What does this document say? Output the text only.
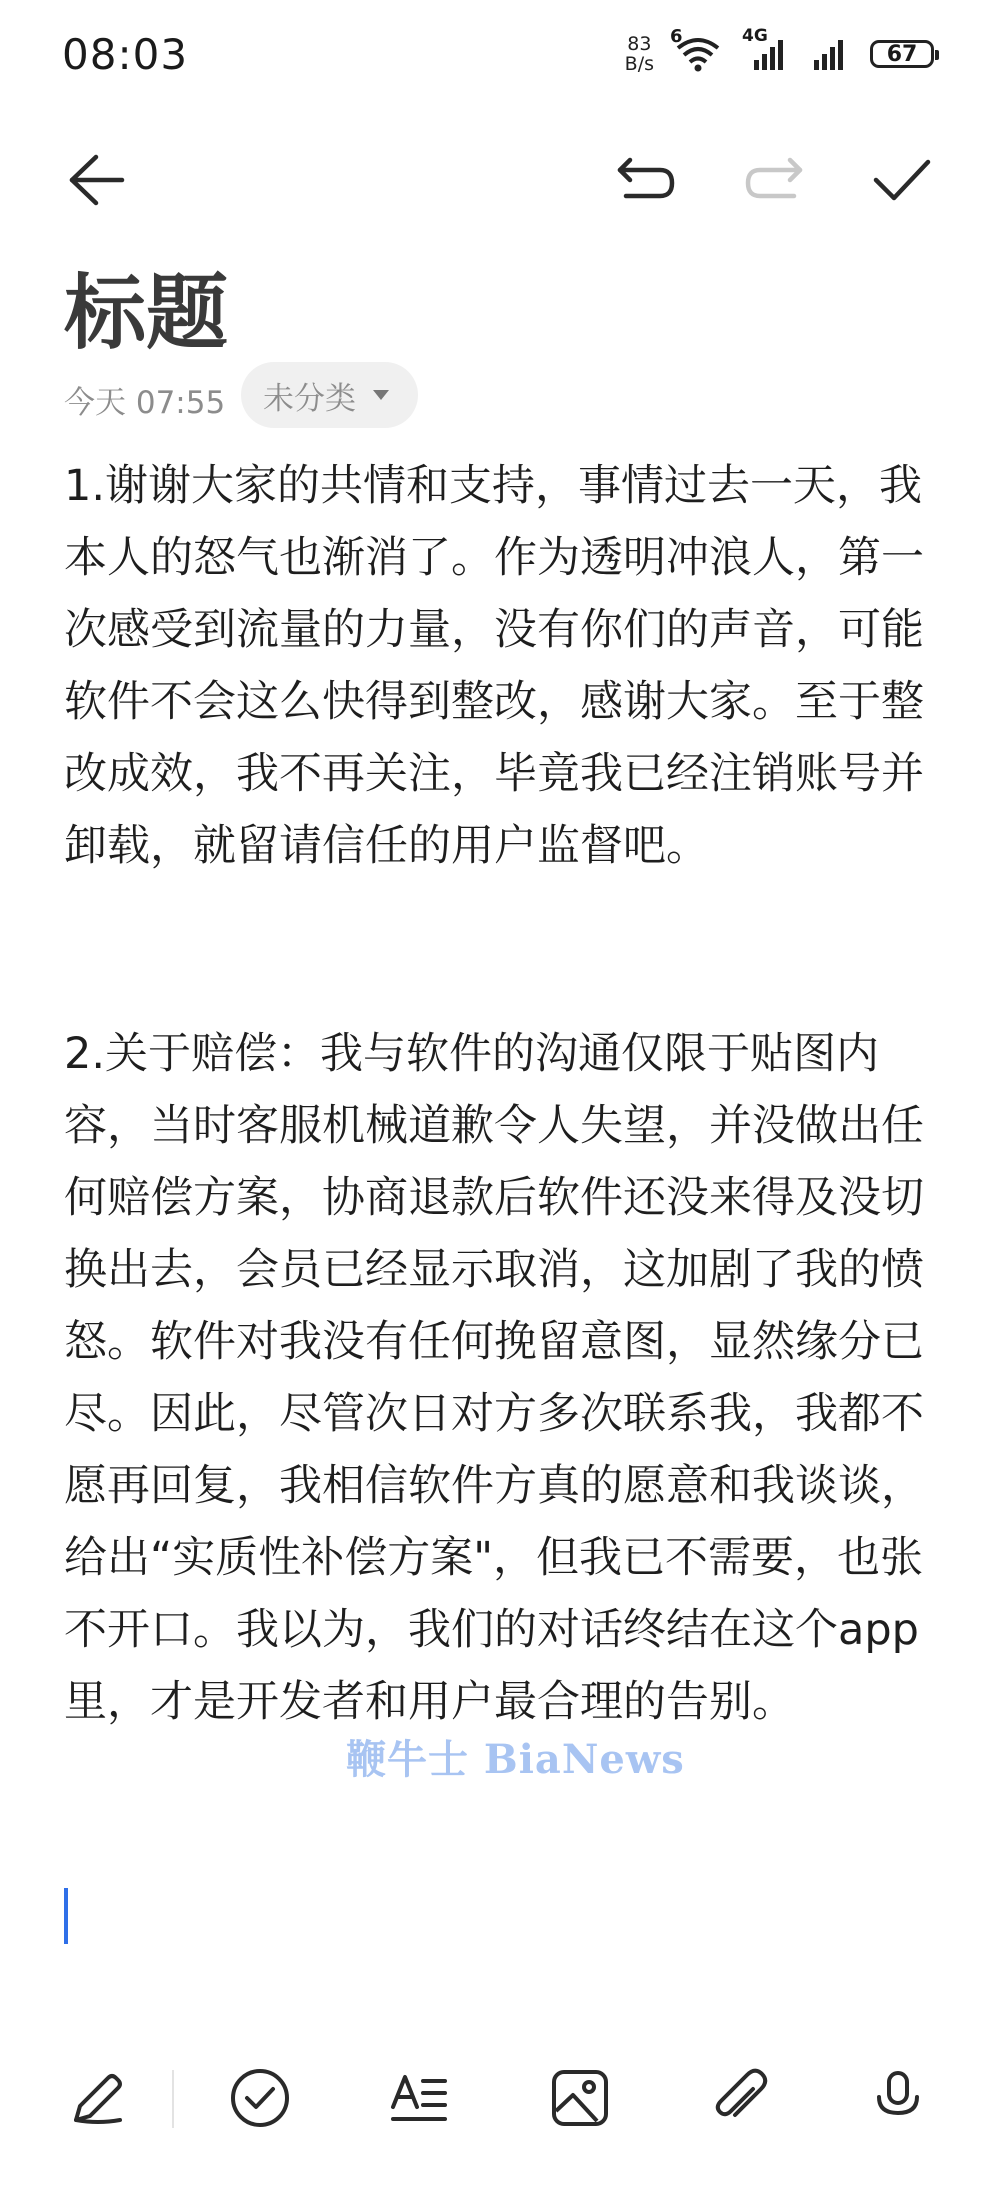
08:03	83
B/s
6	4G
67
标题
今天 07:55 未分类
1.谢谢大家的共情和支持，事情过去一天，我本人的怒气也渐消了。作为透明冲浪人，第一次感受到流量的力量，没有你们的声音，可能软件不会这么快得到整改，感谢大家。至于整改成效，我不再关注，毕竟我已经注销账号并卸载，就留请信任的用户监督吧。
2.关于赔偿：我与软件的沟通仅限于贴图内容，当时客服机械道歉令人失望，并没做出任何赔偿方案，协商退款后软件还没来得及没切换出去，会员已经显示取消，这加剧了我的愤怒。软件对我没有任何挽留意图，显然缘分已尽。因此，尽管次日对方多次联系我，我都不愿再回复，我相信软件方真的愿意和我谈谈，给出“实质性补偿方案"，但我已不需要，也张不开口。我以为，我们的对话终结在这个app里，才是开发者和用户最合理的告别。
鞭牛士 BiaNews
